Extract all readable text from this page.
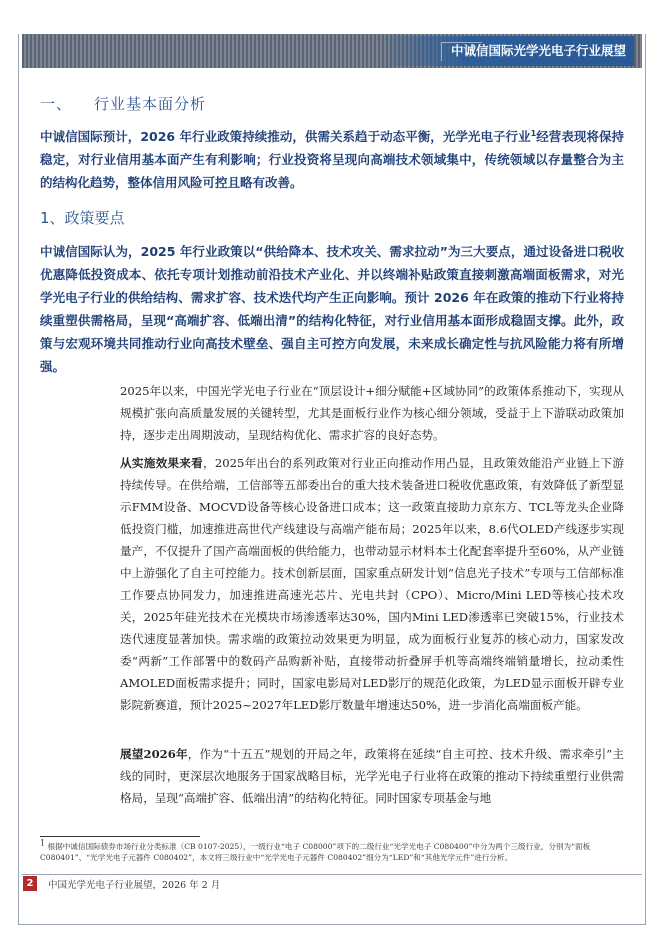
中诚信国际光学光电子行业展望
一、 行业基本面分析
中诚信国际预计，2026 年行业政策持续推动，供需关系趋于动态平衡，光学光电子行业$^1$经营表现将保持稳定，对行业信用基本面产生有利影响；行业投资将呈现向高端技术领域集中，传统领域以存量整合为主的结构化趋势，整体信用风险可控且略有改善。
1、政策要点
中诚信国际认为，2025 年行业政策以“供给降本、技术攻关、需求拉动”为三大要点，通过设备进口税收优惠降低投资成本、依托专项计划推动前沿技术产业化、并以终端补贴政策直接刺激高端面板需求，对光学光电子行业的供给结构、需求扩容、技术迭代均产生正向影响。预计 2026 年在政策的推动下行业将持续重塑供需格局，呈现“高端扩容、低端出清”的结构化特征，对行业信用基本面形成稳固支撑。此外，政策与宏观环境共同推动行业向高技术壁垒、强自主可控方向发展，未来成长确定性与抗风险能力将有所增强。
2025年以来，中国光学光电子行业在“顶层设计+细分赋能+区域协同”的政策体系推动下，实现从规模扩张向高质量发展的关键转型，尤其是面板行业作为核心细分领域，受益于上下游联动政策加持，逐步走出周期波动，呈现结构优化、需求扩容的良好态势。
从实施效果来看，2025年出台的系列政策对行业正向推动作用凸显，且政策效能沿产业链上下游持续传导。在供给端，工信部等五部委出台的重大技术装备进口税收优惠政策，有效降低了新型显示FMM设备、MOCVD设备等核心设备进口成本；这一政策直接助力京东方、TCL等龙头企业降低投资门槛，加速推进高世代产线建设与高端产能布局；2025年以来，8.6代OLED产线逐步实现量产，不仅提升了国产高端面板的供给能力，也带动显示材料本土化配套率提升至60%，从产业链中上游强化了自主可控能力。技术创新层面，国家重点研发计划“信息光子技术”专项与工信部标准工作要点协同发力，加速推进高速光芯片、光电共封（CPO）、Micro/Mini LED等核心技术攻关，2025年硅光技术在光模块市场渗透率达30%，国内Mini LED渗透率已突破15%，行业技术迭代速度显著加快。需求端的政策拉动效果更为明显，成为面板行业复苏的核心动力，国家发改委“两新”工作部署中的数码产品购新补贴，直接带动折叠屏手机等高端终端销量增长，拉动柔性AMOLED面板需求提升；同时，国家电影局对LED影厅的规范化政策，为LED显示面板开辟专业影院新赛道，预计2025~2027年LED影厅数量年增速达50%，进一步消化高端面板产能。
展望2026年，作为“十五五”规划的开局之年，政策将在延续“自主可控、技术升级、需求牵引”主线的同时，更深层次地服务于国家战略目标，光学光电子行业将在政策的推动下持续重塑行业供需格局，呈现“高端扩容、低端出清”的结构化特征。同时国家专项基金与地
$^1$ 根据中诚信国际债券市场行业分类标准（CB 0107-2025），一级行业“电子 C08000”项下的二级行业“光学光电子 C080400”中分为两个三级行业，分别为“面板 C080401”、“光学光电子元器件 C080402”，本文将三级行业中“光学光电子元器件 C080402”细分为“LED”和“其他光学元件”进行分析。
2	中国光学光电子行业展望，2026 年 2 月
